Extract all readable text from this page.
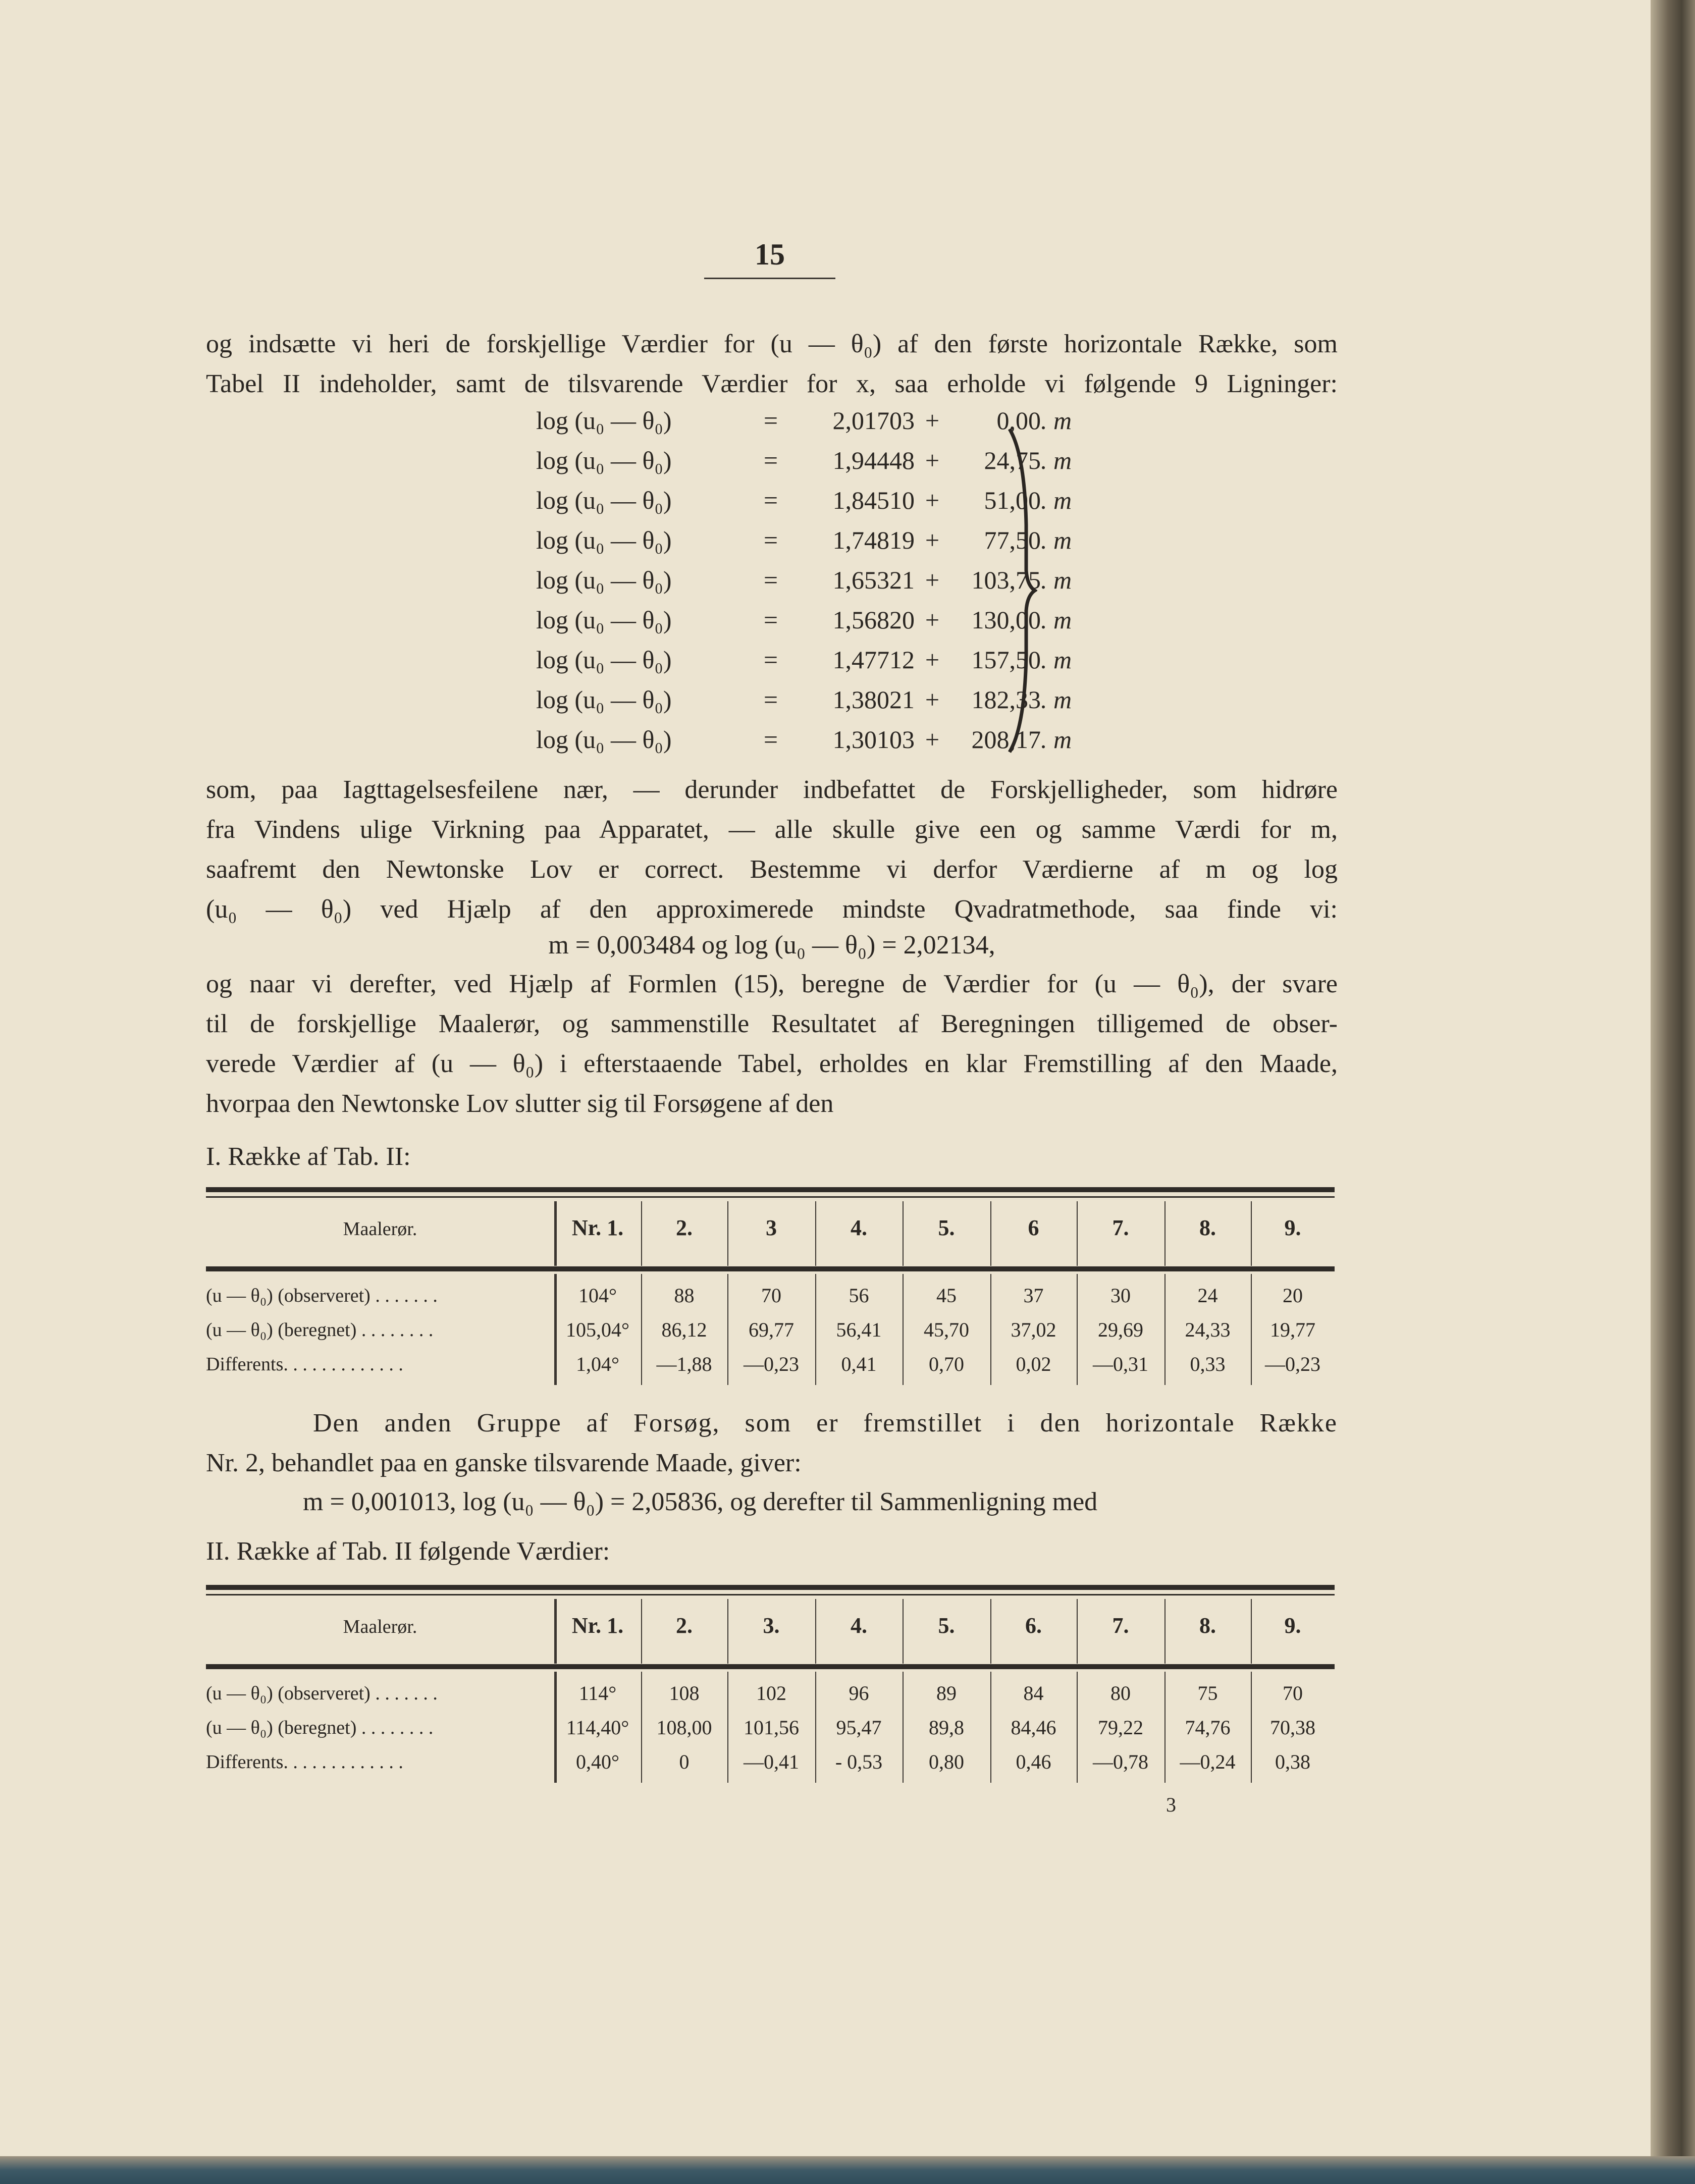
15
og indsætte vi heri de forskjellige Værdier for (u — θ₀) af den første horizontale Række, som
Tabel II indeholder, samt de tilsvarende Værdier for x, saa erholde vi følgende 9 Ligninger:
log (u₀ — θ₀)	= 2,01703 + 0,00. m
log (u₀ — θ₀)	= 1,94448 + 24,75. m
log (u₀ — θ₀)	= 1,84510 + 51,00. m
log (u₀ — θ₀)	= 1,74819 + 77,50. m
log (u₀ — θ₀)	= 1,65321 + 103,75. m
log (u₀ — θ₀)	= 1,56820 + 130,00. m
log (u₀ — θ₀)	= 1,47712 + 157,50. m
log (u₀ — θ₀)	= 1,38021 + 182,33. m
log (u₀ — θ₀)	= 1,30103 + 208,17. m
som, paa Iagttagelsesfeilene nær, — derunder indbefattet de Forskjelligheder, som hidrøre
fra Vindens ulige Virkning paa Apparatet, — alle skulle give een og samme Værdi for m,
saafremt den Newtonske Lov er correct. Bestemme vi derfor Værdierne af m og log
(u₀ — θ₀) ved Hjælp af den approximerede mindste Qvadratmethode, saa finde vi:
m = 0,003484 og log (u₀ — θ₀) = 2,02134,
og naar vi derefter, ved Hjælp af Formlen (15), beregne de Værdier for (u — θ₀), der svare
til de forskjellige Maalerør, og sammenstille Resultatet af Beregningen tilligemed de obser-
verede Værdier af (u — θ₀) i efterstaaende Tabel, erholdes en klar Fremstilling af den Maade,
hvorpaa den Newtonske Lov slutter sig til Forsøgene af den
I. Række af Tab. II:
Maalerør.	Nr. 1.	2.	3	4.	5.	6	7.	8.	9.
(u — θ₀) (observeret) . . . . . . .	104°	88	70	56	45	37	30	24	20
(u — θ₀) (beregnet) . . . . . . . .	105,04°	86,12	69,77	56,41	45,70	37,02	29,69	24,33	19,77
Differents. . . . . . . . . . . . .	1,04°	—1,88	—0,23	0,41	0,70	0,02	—0,31	0,33	—0,23
Den anden Gruppe af Forsøg, som er fremstillet i den horizontale Række
Nr. 2, behandlet paa en ganske tilsvarende Maade, giver:
m = 0,001013, log (u₀ — θ₀) = 2,05836, og derefter til Sammenligning med
II. Række af Tab. II følgende Værdier:
Maalerør.	Nr. 1.	2.	3.	4.	5.	6.	7.	8.	9.
(u — θ₀) (observeret) . . . . . . .	114°	108	102	96	89	84	80	75	70
(u — θ₀) (beregnet) . . . . . . . .	114,40°	108,00	101,56	95,47	89,8	84,46	79,22	74,76	70,38
Differents. . . . . . . . . . . . .	0,40°	0	—0,41	- 0,53	0,80	0,46	—0,78	—0,24	0,38
3
